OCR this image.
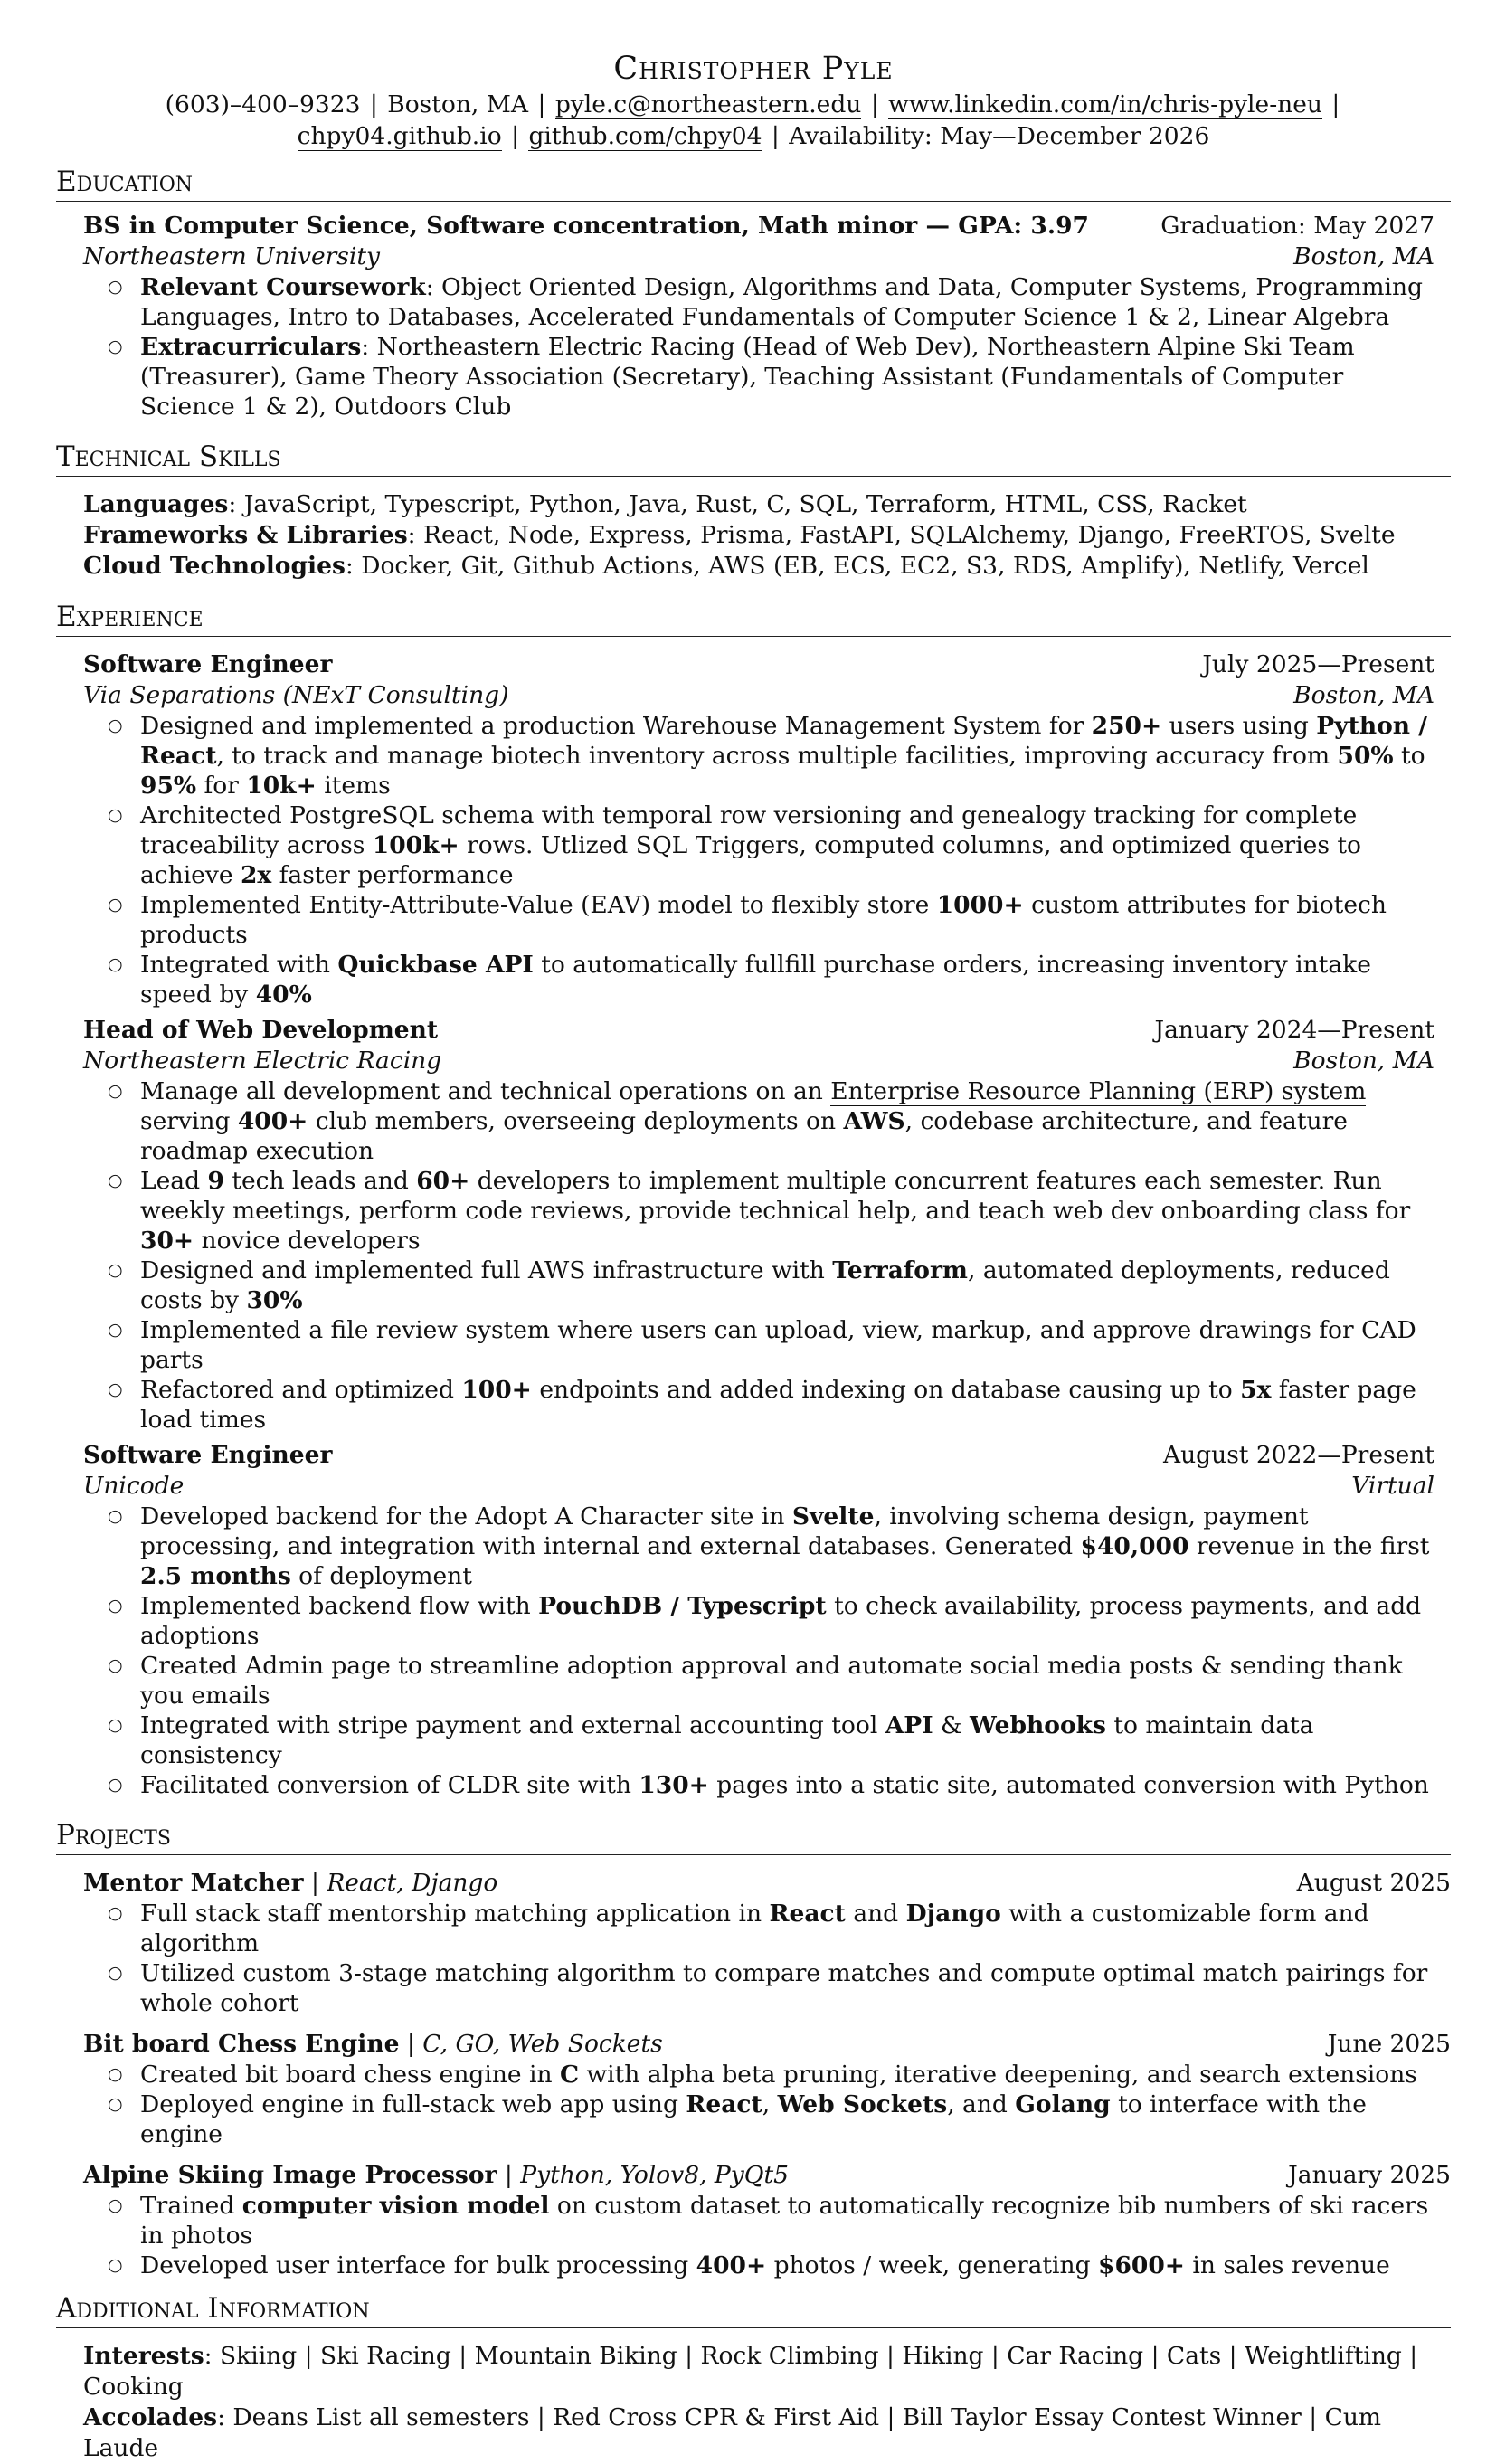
Christopher Pyle
(603)–400–9323 | Boston, MA | pyle.c@northeastern.edu | www.linkedin.com/in/chris-pyle-neu |
chpy04.github.io | github.com/chpy04 | Availability: May—December 2026
Education
BS in Computer Science, Software concentration, Math minor — GPA: 3.97	Graduation: May 2027
Northeastern University	Boston, MA
○ Relevant Coursework: Object Oriented Design, Algorithms and Data, Computer Systems, Programming Languages, Intro to Databases, Accelerated Fundamentals of Computer Science 1 & 2, Linear Algebra
○ Extracurriculars: Northeastern Electric Racing (Head of Web Dev), Northeastern Alpine Ski Team (Treasurer), Game Theory Association (Secretary), Teaching Assistant (Fundamentals of Computer Science 1 & 2), Outdoors Club
Technical Skills
Languages: JavaScript, Typescript, Python, Java, Rust, C, SQL, Terraform, HTML, CSS, Racket
Frameworks & Libraries: React, Node, Express, Prisma, FastAPI, SQLAlchemy, Django, FreeRTOS, Svelte
Cloud Technologies: Docker, Git, Github Actions, AWS (EB, ECS, EC2, S3, RDS, Amplify), Netlify, Vercel
Experience
Software Engineer	July 2025—Present
Via Separations (NExT Consulting)	Boston, MA
○ Designed and implemented a production Warehouse Management System for 250+ users using Python / React, to track and manage biotech inventory across multiple facilities, improving accuracy from 50% to 95% for 10k+ items
○ Architected PostgreSQL schema with temporal row versioning and genealogy tracking for complete traceability across 100k+ rows. Utlized SQL Triggers, computed columns, and optimized queries to achieve 2x faster performance
○ Implemented Entity-Attribute-Value (EAV) model to flexibly store 1000+ custom attributes for biotech products
○ Integrated with Quickbase API to automatically fullfill purchase orders, increasing inventory intake speed by 40%
Head of Web Development	January 2024—Present
Northeastern Electric Racing	Boston, MA
○ Manage all development and technical operations on an Enterprise Resource Planning (ERP) system serving 400+ club members, overseeing deployments on AWS, codebase architecture, and feature roadmap execution
○ Lead 9 tech leads and 60+ developers to implement multiple concurrent features each semester. Run weekly meetings, perform code reviews, provide technical help, and teach web dev onboarding class for 30+ novice developers
○ Designed and implemented full AWS infrastructure with Terraform, automated deployments, reduced costs by 30%
○ Implemented a file review system where users can upload, view, markup, and approve drawings for CAD parts
○ Refactored and optimized 100+ endpoints and added indexing on database causing up to 5x faster page load times
Software Engineer	August 2022—Present
Unicode	Virtual
○ Developed backend for the Adopt A Character site in Svelte, involving schema design, payment processing, and integration with internal and external databases. Generated $40,000 revenue in the first 2.5 months of deployment
○ Implemented backend flow with PouchDB / Typescript to check availability, process payments, and add adoptions
○ Created Admin page to streamline adoption approval and automate social media posts & sending thank you emails
○ Integrated with stripe payment and external accounting tool API & Webhooks to maintain data consistency
○ Facilitated conversion of CLDR site with 130+ pages into a static site, automated conversion with Python
Projects
Mentor Matcher | React, Django	August 2025
○ Full stack staff mentorship matching application in React and Django with a customizable form and algorithm
○ Utilized custom 3-stage matching algorithm to compare matches and compute optimal match pairings for whole cohort
Bit board Chess Engine | C, GO, Web Sockets	June 2025
○ Created bit board chess engine in C with alpha beta pruning, iterative deepening, and search extensions
○ Deployed engine in full-stack web app using React, Web Sockets, and Golang to interface with the engine
Alpine Skiing Image Processor | Python, Yolov8, PyQt5	January 2025
○ Trained computer vision model on custom dataset to automatically recognize bib numbers of ski racers in photos
○ Developed user interface for bulk processing 400+ photos / week, generating $600+ in sales revenue
Additional Information
Interests: Skiing | Ski Racing | Mountain Biking | Rock Climbing | Hiking | Car Racing | Cats | Weightlifting | Cooking
Accolades: Deans List all semesters | Red Cross CPR & First Aid | Bill Taylor Essay Contest Winner | Cum Laude
